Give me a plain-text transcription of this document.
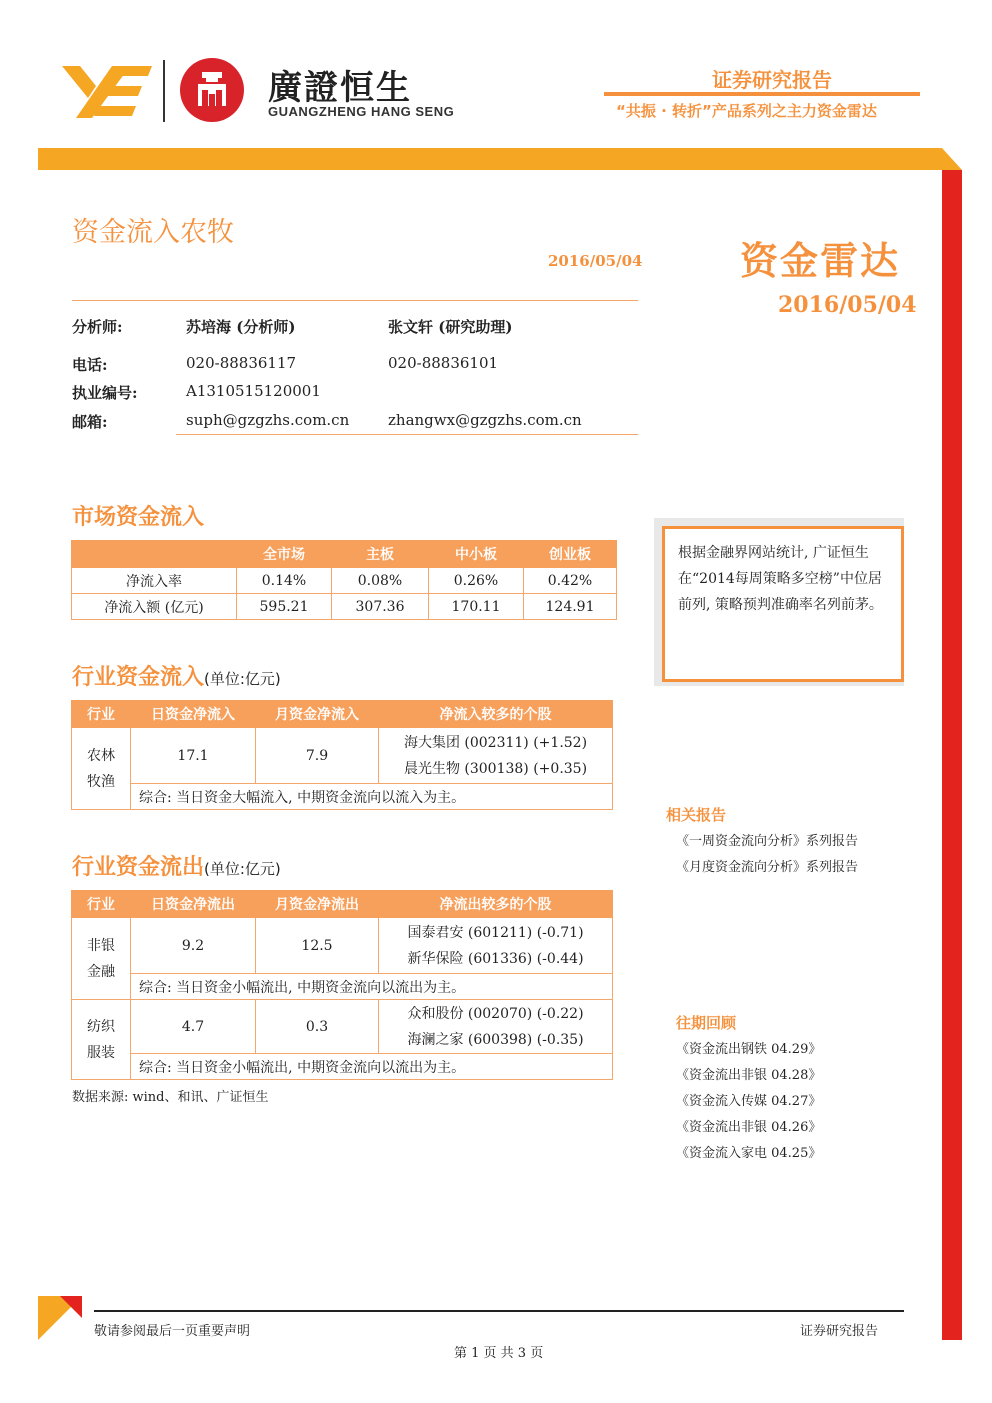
廣證恒生
GUANGZHENG HANG SENG
证券研究报告
“共振 · 转折”产品系列之主力资金雷达
资金流入农牧
2016/05/04	资金雷达
2016/05/04
分析师:	苏培海 (分析师)	张文轩 (研究助理)
电话:	020-88836117	020-88836101
执业编号:	A1310515120001
邮箱:	suph@gzgzhs.com.cn	zhangwx@gzgzhs.com.cn
市场资金流入
	全市场	主板	中小板	创业板
净流入率	0.14%	0.08%	0.26%	0.42%
净流入额 (亿元)	595.21	307.36	170.11	124.91
行业资金流入(单位:亿元)
行业	日资金净流入	月资金净流入	净流入较多的个股
农林牧渔	17.1	7.9	海大集团 (002311) (+1.52)
晨光生物 (300138) (+0.35)

	综合: 当日资金大幅流入, 中期资金流向以流入为主。		
行业资金流出(单位:亿元)
行业	日资金净流出	月资金净流出	净流出较多的个股
非银金融	9.2	12.5	国泰君安 (601211) (-0.71)
新华保险 (601336) (-0.44)

	综合: 当日资金小幅流出, 中期资金流向以流出为主。		
纺织服装	4.7	0.3	众和股份 (002070) (-0.22)
海澜之家 (600398) (-0.35)

	综合: 当日资金小幅流出, 中期资金流向以流出为主。		
数据来源: wind、和讯、广证恒生
根据金融界网站统计, 广证恒生在“2014每周策略多空榜”中位居前列, 策略预判准确率名列前茅。
相关报告
《一周资金流向分析》系列报告
《月度资金流向分析》系列报告
往期回顾
《资金流出钢铁 04.29》
《资金流出非银 04.28》
《资金流入传媒 04.27》
《资金流出非银 04.26》
《资金流入家电 04.25》
敬请参阅最后一页重要声明	证券研究报告
第 1 页 共 3 页
